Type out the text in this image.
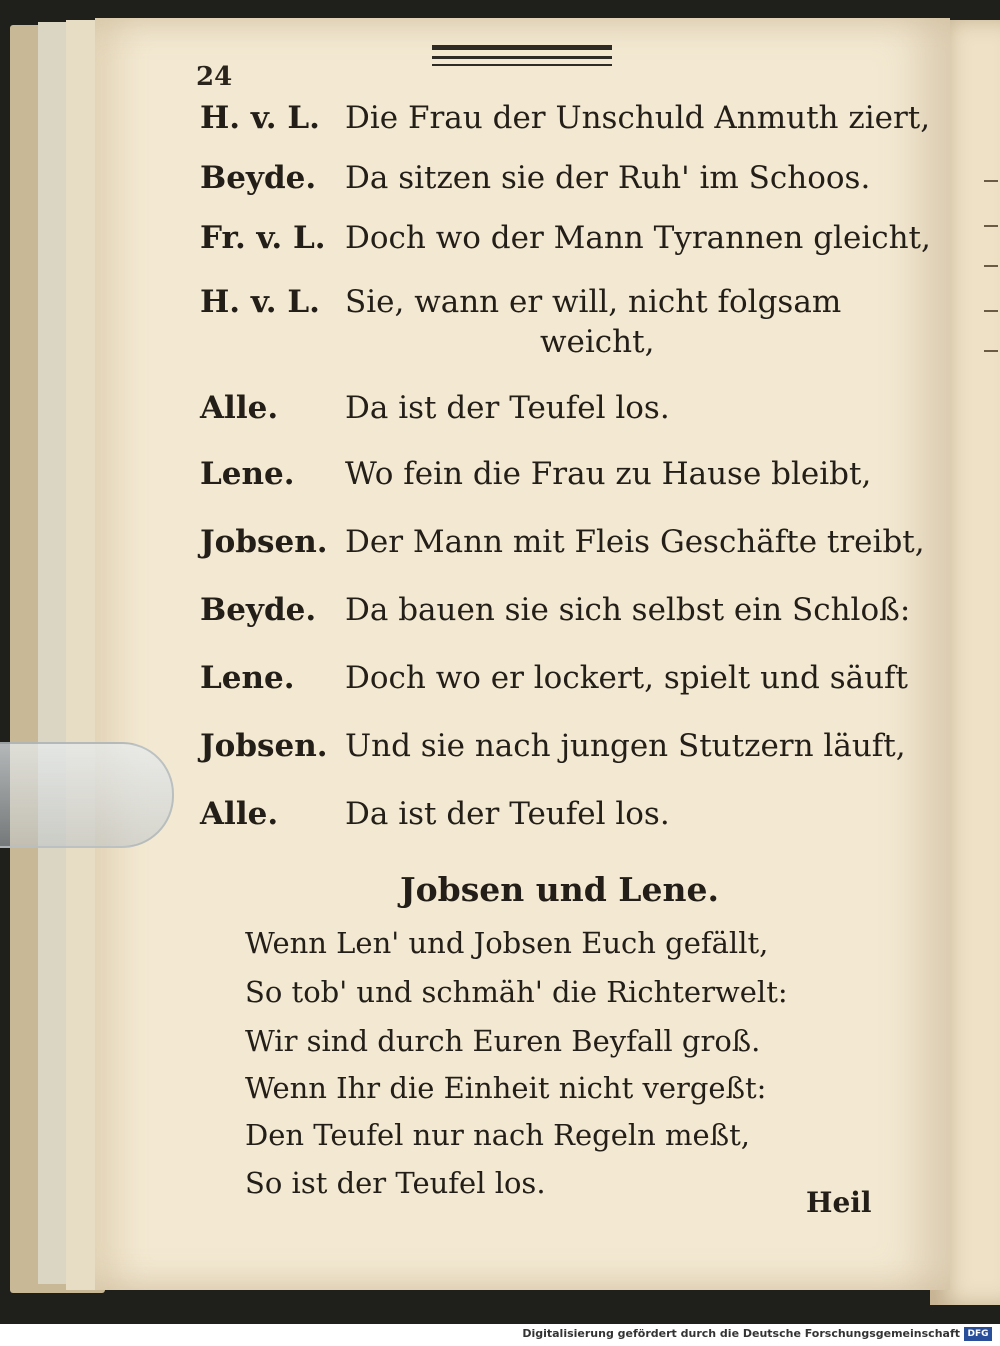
24
H. v. L. Die Frau der Unschuld Anmuth ziert,
Beyde. Da sitzen sie der Ruh' im Schoos.
Fr. v. L. Doch wo der Mann Tyrannen gleicht,
H. v. L. Sie, wann er will, nicht folgsam
weicht,
Alle. Da ist der Teufel los.
Lene. Wo fein die Frau zu Hause bleibt,
Jobsen. Der Mann mit Fleis Geschäfte treibt,
Beyde. Da bauen sie sich selbst ein Schloß:
Lene. Doch wo er lockert, spielt und säuft
Jobsen. Und sie nach jungen Stutzern läuft,
Alle. Da ist der Teufel los.
Jobsen und Lene.
Wenn Len' und Jobsen Euch gefällt,
So tob' und schmäh' die Richterwelt:
Wir sind durch Euren Beyfall groß.
Wenn Ihr die Einheit nicht vergeßt:
Den Teufel nur nach Regeln meßt,
So ist der Teufel los.
Heil
Digitalisierung gefördert durch die Deutsche Forschungsgemeinschaft DFG
